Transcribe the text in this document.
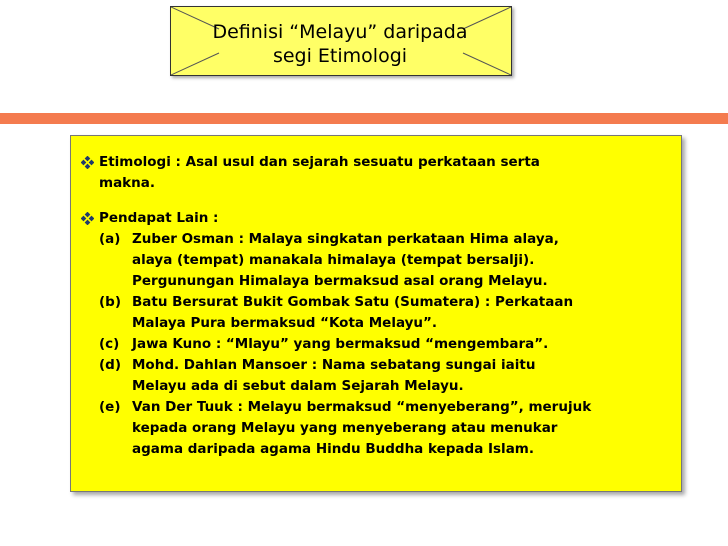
Definisi “Melayu” daripada
segi Etimologi
Etimologi : Asal usul dan sejarah sesuatu perkataan serta
makna.
Pendapat Lain :
(a) Zuber Osman : Malaya singkatan perkataan Hima alaya,
alaya (tempat) manakala himalaya (tempat bersalji).
Pergunungan Himalaya bermaksud asal orang Melayu.
(b) Batu Bersurat Bukit Gombak Satu (Sumatera) : Perkataan
Malaya Pura bermaksud “Kota Melayu”.
(c) Jawa Kuno : “Mlayu” yang bermaksud “mengembara”.
(d) Mohd. Dahlan Mansoer : Nama sebatang sungai iaitu
Melayu ada di sebut dalam Sejarah Melayu.
(e) Van Der Tuuk : Melayu bermaksud “menyeberang”, merujuk
kepada orang Melayu yang menyeberang atau menukar
agama daripada agama Hindu Buddha kepada Islam.
